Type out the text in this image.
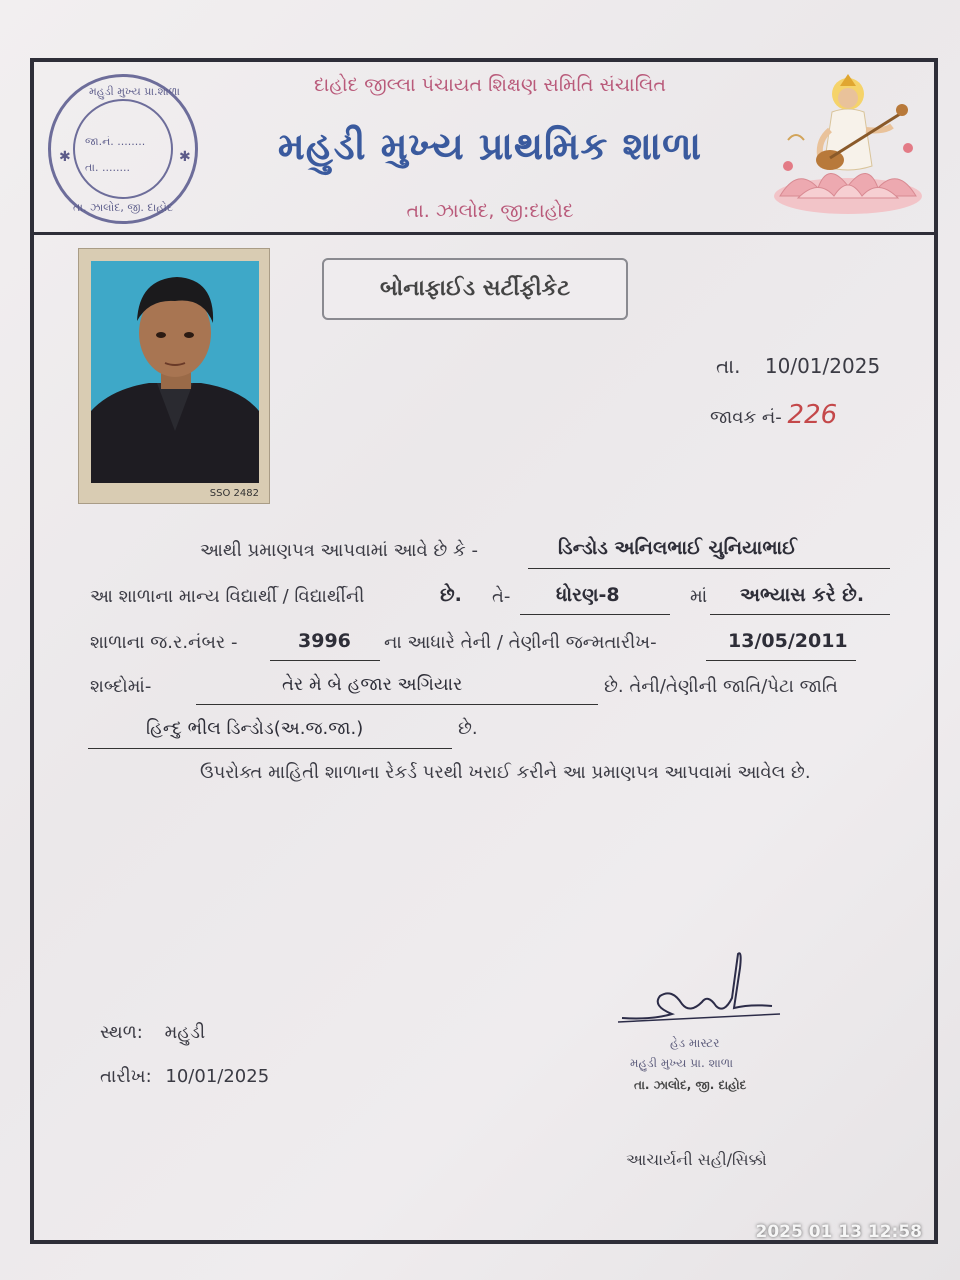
મહુડી મુખ્ય પ્રા.શાળા
જા.નં. ........
તા. ........
તા. ઝાલોદ, જી. દાહોદ
✱	✱
દાહોદ જીલ્લા પંચાયત શિક્ષણ સમિતિ સંચાલિત
મહુડી મુખ્ય પ્રાથમિક શાળા
તા. ઝાલોદ, જી:દાહોદ
SSO 2482
બોનાફાઈડ સર્ટીફીકેટ
તા. 10/01/2025
જાવક નં- 226
આથી પ્રમાણપત્ર આપવામાં આવે છે કે -	ડિન્ડોડ અનિલભાઈ ચુનિયાભાઈ
આ શાળાના માન્ય વિદ્યાર્થી / વિદ્યાર્થીની	છે. તે- ધોરણ-8	માં અભ્યાસ કરે છે.
શાળાના જ.ર.નંબર -	3996 ના આધારે તેની / તેણીની જન્મતારીખ-	13/05/2011
શબ્દોમાં-	તેર મે બે હજાર અગિયાર	છે. તેની/તેણીની જાતિ/પેટા જાતિ
હિન્દુ ભીલ ડિન્ડોડ(અ.જ.જા.)	છે.
ઉપરોક્ત માહિતી શાળાના રેકર્ડ પરથી ખરાઈ કરીને આ પ્રમાણપત્ર આપવામાં આવેલ છે.
સ્થળ: મહુડી
તારીખ: 10/01/2025
હેડ માસ્ટર
મહુડી મુખ્ય પ્રા. શાળા
તા. ઝાલોદ, જી. દાહોદ
આચાર્યની સહી/સિક્કો
2025 01 13 12:58
